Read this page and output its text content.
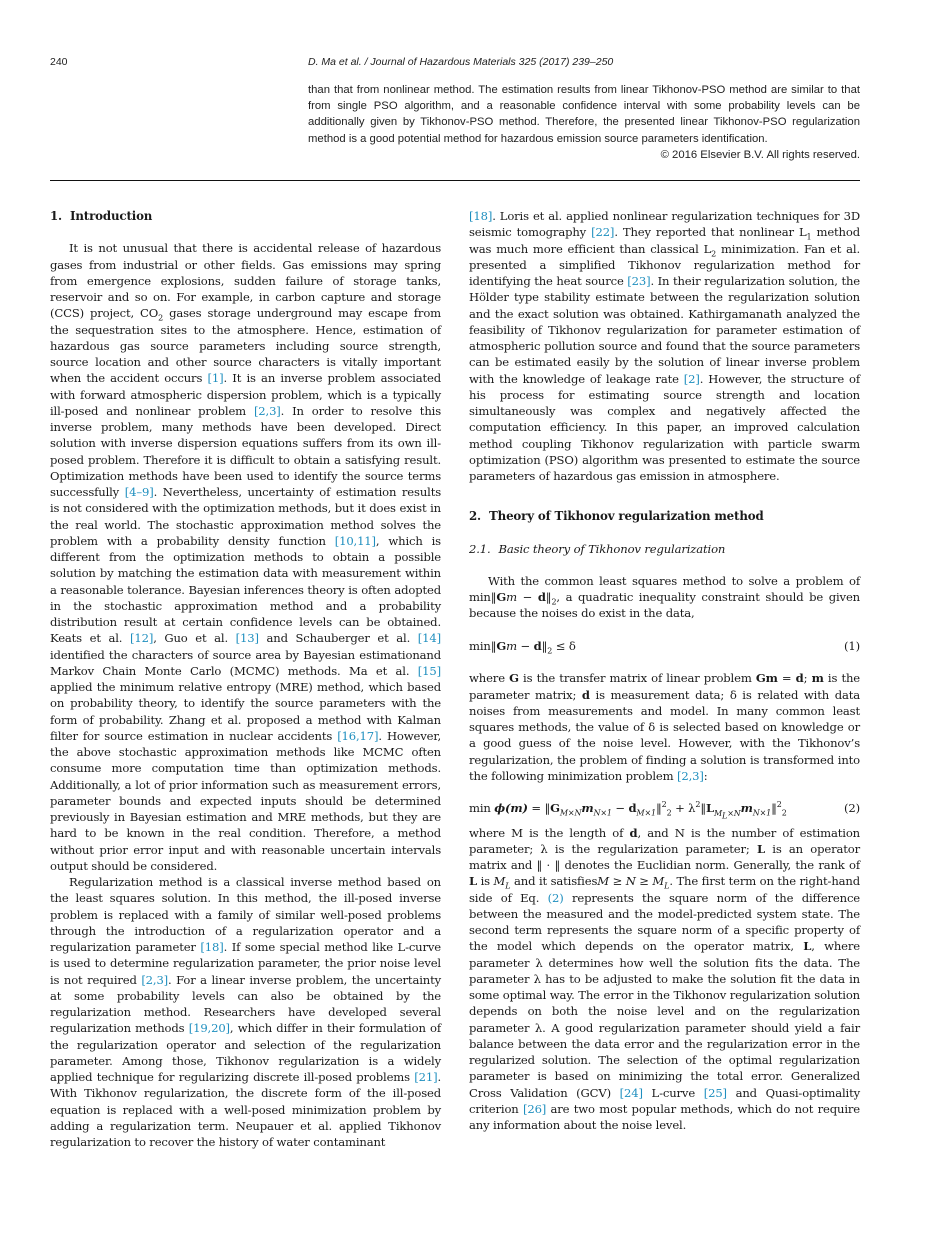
240	D. Ma et al. / Journal of Hazardous Materials 325 (2017) 239–250

than that from nonlinear method. The estimation results from linear Tikhonov-PSO method are similar to that from single PSO algorithm, and a reasonable confidence interval with some probability levels can be additionally given by Tikhonov-PSO method. Therefore, the presented linear Tikhonov-PSO regularization method is a good potential method for hazardous emission source parameters identification.

© 2016 Elsevier B.V. All rights reserved.

1. Introduction

It is not unusual that there is accidental release of hazardous gases from industrial or other fields. Gas emissions may spring from emergence explosions, sudden failure of storage tanks, reservoir and so on. For example, in carbon capture and storage (CCS) project, $CO_2$ gases storage underground may escape from the sequestration sites to the atmosphere. Hence, estimation of hazardous gas source parameters including source strength, source location and other source characters is vitally important when the accident occurs [1]. It is an inverse problem associated with forward atmospheric dispersion problem, which is a typically ill-posed and nonlinear problem [2,3]. In order to resolve this inverse problem, many methods have been developed. Direct solution with inverse dispersion equations suffers from its own ill-posed problem. Therefore it is difficult to obtain a satisfying result. Optimization methods have been used to identify the source terms successfully [4–9]. Nevertheless, uncertainty of estimation results is not considered with the optimization methods, but it does exist in the real world. The stochastic approximation method solves the problem with a probability density function [10,11], which is different from the optimization methods to obtain a possible solution by matching the estimation data with measurement within a reasonable tolerance. Bayesian inferences theory is often adopted in the stochastic approximation method and a probability distribution result at certain confidence levels can be obtained. Keats et al. [12], Guo et al. [13] and Schauberger et al. [14] identified the characters of source area by Bayesian estimationand Markov Chain Monte Carlo (MCMC) methods. Ma et al. [15] applied the minimum relative entropy (MRE) method, which based on probability theory, to identify the source parameters with the form of probability. Zhang et al. proposed a method with Kalman filter for source estimation in nuclear accidents [16,17]. However, the above stochastic approximation methods like MCMC often consume more computation time than optimization methods. Additionally, a lot of prior information such as measurement errors, parameter bounds and expected inputs should be determined previously in Bayesian estimation and MRE methods, but they are hard to be known in the real condition. Therefore, a method without prior error input and with reasonable uncertain intervals output should be considered.

Regularization method is a classical inverse method based on the least squares solution. In this method, the ill-posed inverse problem is replaced with a family of similar well-posed problems through the introduction of a regularization operator and a regularization parameter [18]. If some special method like L-curve is used to determine regularization parameter, the prior noise level is not required [2,3]. For a linear inverse problem, the uncertainty at some probability levels can also be obtained by the regularization method. Researchers have developed several regularization methods [19,20], which differ in their formulation of the regularization operator and selection of the regularization parameter. Among those, Tikhonov regularization is a widely applied technique for regularizing discrete ill-posed problems [21]. With Tikhonov regularization, the discrete form of the ill-posed equation is replaced with a well-posed minimization problem by adding a regularization term. Neupauer et al. applied Tikhonov regularization to recover the history of water contaminant

[18]. Loris et al. applied nonlinear regularization techniques for 3D seismic tomography [22]. They reported that nonlinear $L_1$ method was much more efficient than classical $L_2$ minimization. Fan et al. presented a simplified Tikhonov regularization method for identifying the heat source [23]. In their regularization solution, the Hölder type stability estimate between the regularization solution and the exact solution was obtained. Kathirgamanath analyzed the feasibility of Tikhonov regularization for parameter estimation of atmospheric pollution source and found that the source parameters can be estimated easily by the solution of linear inverse problem with the knowledge of leakage rate [2]. However, the structure of his process for estimating source strength and location simultaneously was complex and negatively affected the computation efficiency. In this paper, an improved calculation method coupling Tikhonov regularization with particle swarm optimization (PSO) algorithm was presented to estimate the source parameters of hazardous gas emission in atmosphere.

2. Theory of Tikhonov regularization method
2.1. Basic theory of Tikhonov regularization

With the common least squares method to solve a problem of min‖Gm − $d‖_2$, a quadratic inequality constraint should be given because the noises do exist in the data,

min‖Gm − $d‖_2 \le \delta$	(1)

where G is the transfer matrix of linear problem Gm = d; m is the parameter matrix; d is measurement data; δ is related with data noises from measurements and model. In many common least squares methods, the value of δ is selected based on knowledge or a good guess of the noise level. However, with the Tikhonov’s regularization, the problem of finding a solution is transformed into the following minimization problem [2,3]:

$\min \phi(m) = ‖G_{M\times N}m_{N\times 1}$ − $d_{M\times 1}‖^2_2$ + $\lambda^2‖L_{M_L\times N}m_{N\times 1}‖^2_2$	(2)

where M is the length of d, and N is the number of estimation parameter; λ is the regularization parameter; L is an operator matrix and ‖ · ‖ denotes the Euclidian norm. Generally, the rank of L is $M_L$ and it satisfiesM ≥ $N \ge M_L$. The first term on the right-hand side of Eq. (2) represents the square norm of the difference between the measured and the model-predicted system state. The second term represents the square norm of a specific property of the model which depends on the operator matrix, L, where parameter λ determines how well the solution fits the data. The parameter λ has to be adjusted to make the solution fit the data in some optimal way. The error in the Tikhonov regularization solution depends on both the noise level and on the regularization parameter λ. A good regularization parameter should yield a fair balance between the data error and the regularization error in the regularized solution. The selection of the optimal regularization parameter is based on minimizing the total error. Generalized Cross Validation (GCV) [24] L-curve [25] and Quasi-optimality criterion [26] are two most popular methods, which do not require any information about the noise level.
